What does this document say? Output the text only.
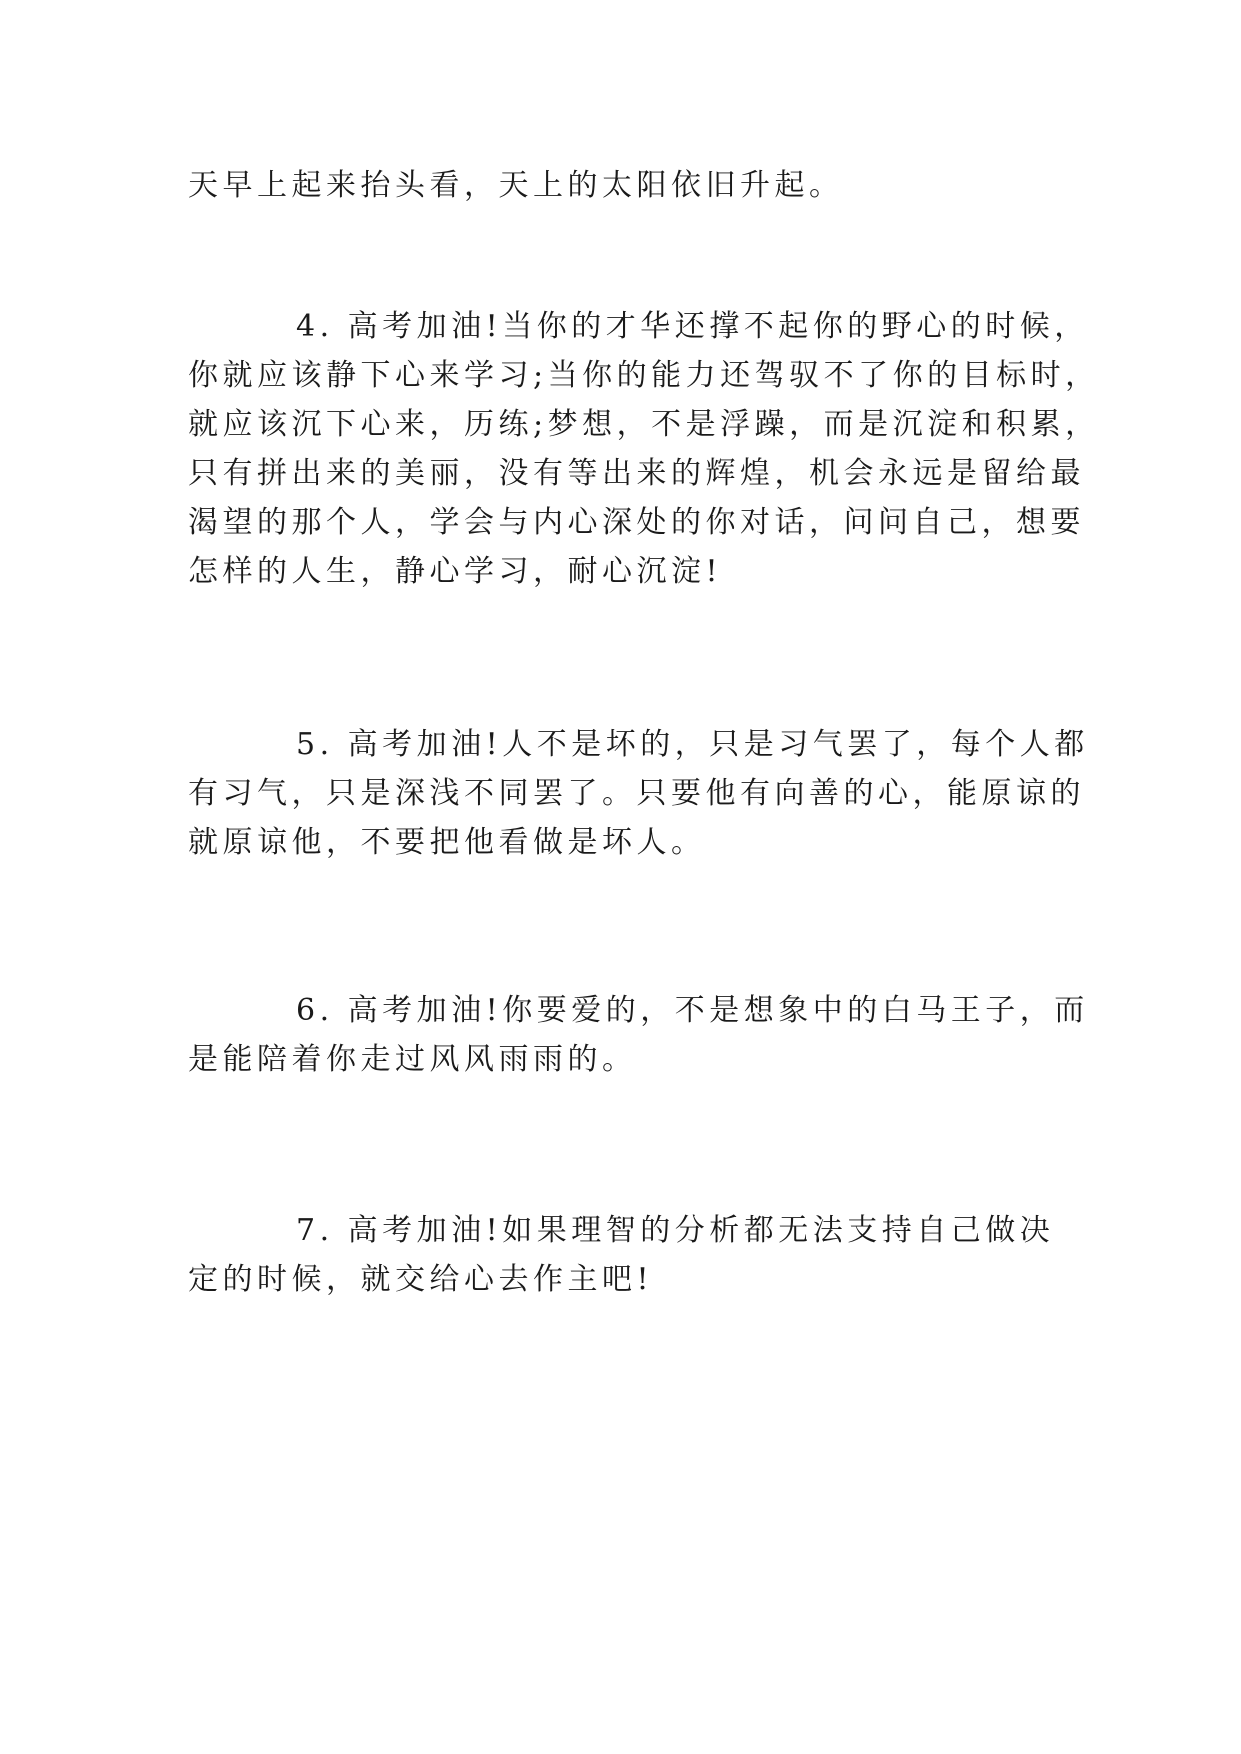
天早上起来抬头看，天上的太阳依旧升起。
4. 高考加油!当你的才华还撑不起你的野心的时候，
你就应该静下心来学习;当你的能力还驾驭不了你的目标时，
就应该沉下心来，历练;梦想，不是浮躁，而是沉淀和积累，
只有拼出来的美丽，没有等出来的辉煌，机会永远是留给最
渴望的那个人，学会与内心深处的你对话，问问自己，想要
怎样的人生，静心学习，耐心沉淀!
5. 高考加油!人不是坏的，只是习气罢了，每个人都
有习气，只是深浅不同罢了。只要他有向善的心，能原谅的
就原谅他，不要把他看做是坏人。
6. 高考加油!你要爱的，不是想象中的白马王子，而
是能陪着你走过风风雨雨的。
7. 高考加油!如果理智的分析都无法支持自己做决
定的时候，就交给心去作主吧!
